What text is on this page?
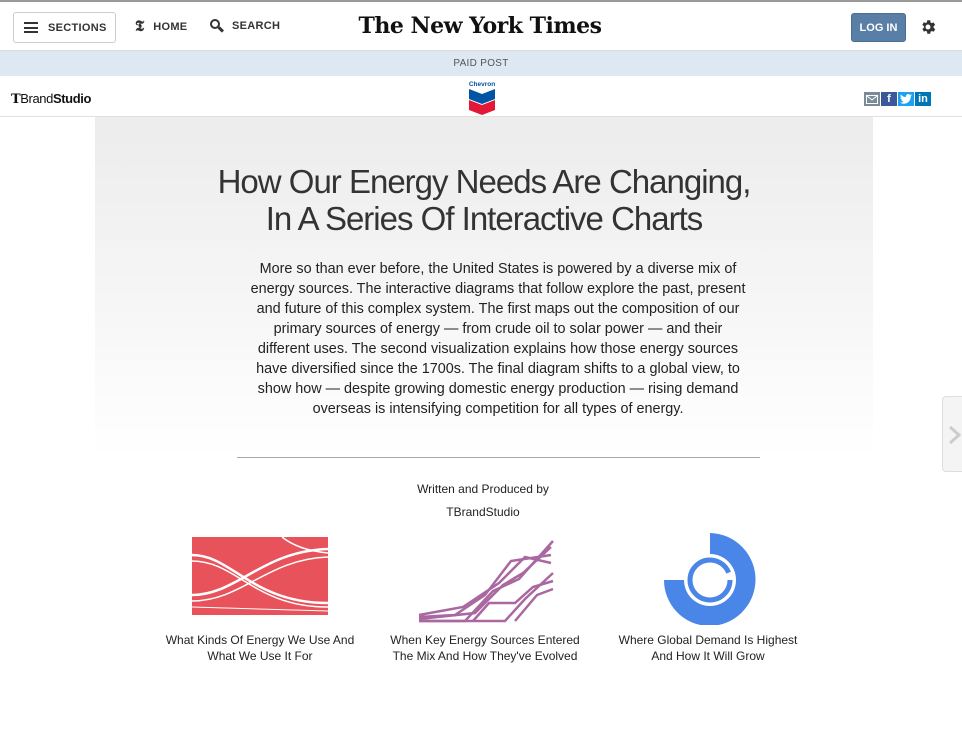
SECTIONS 𝕿 HOME	SEARCH	The New York Times	LOG IN
PAID POST
TBrandStudio
Chevron
f in
How Our Energy Needs Are Changing,
In A Series Of Interactive Charts

More so than ever before, the United States is powered by a diverse mix of energy sources. The interactive diagrams that follow explore the past, present and future of this complex system. The first maps out the composition of our primary sources of energy — from crude oil to solar power — and their different uses. The second visualization explains how those energy sources have diversified since the 1700s. The final diagram shifts to a global view, to show how — despite growing domestic energy production — rising demand overseas is intensifying competition for all types of energy.

Written and Produced by
TBrandStudio
What Kinds Of Energy We Use And
What We Use It For
When Key Energy Sources Entered
The Mix And How They've Evolved
Where Global Demand Is Highest
And How It Will Grow
